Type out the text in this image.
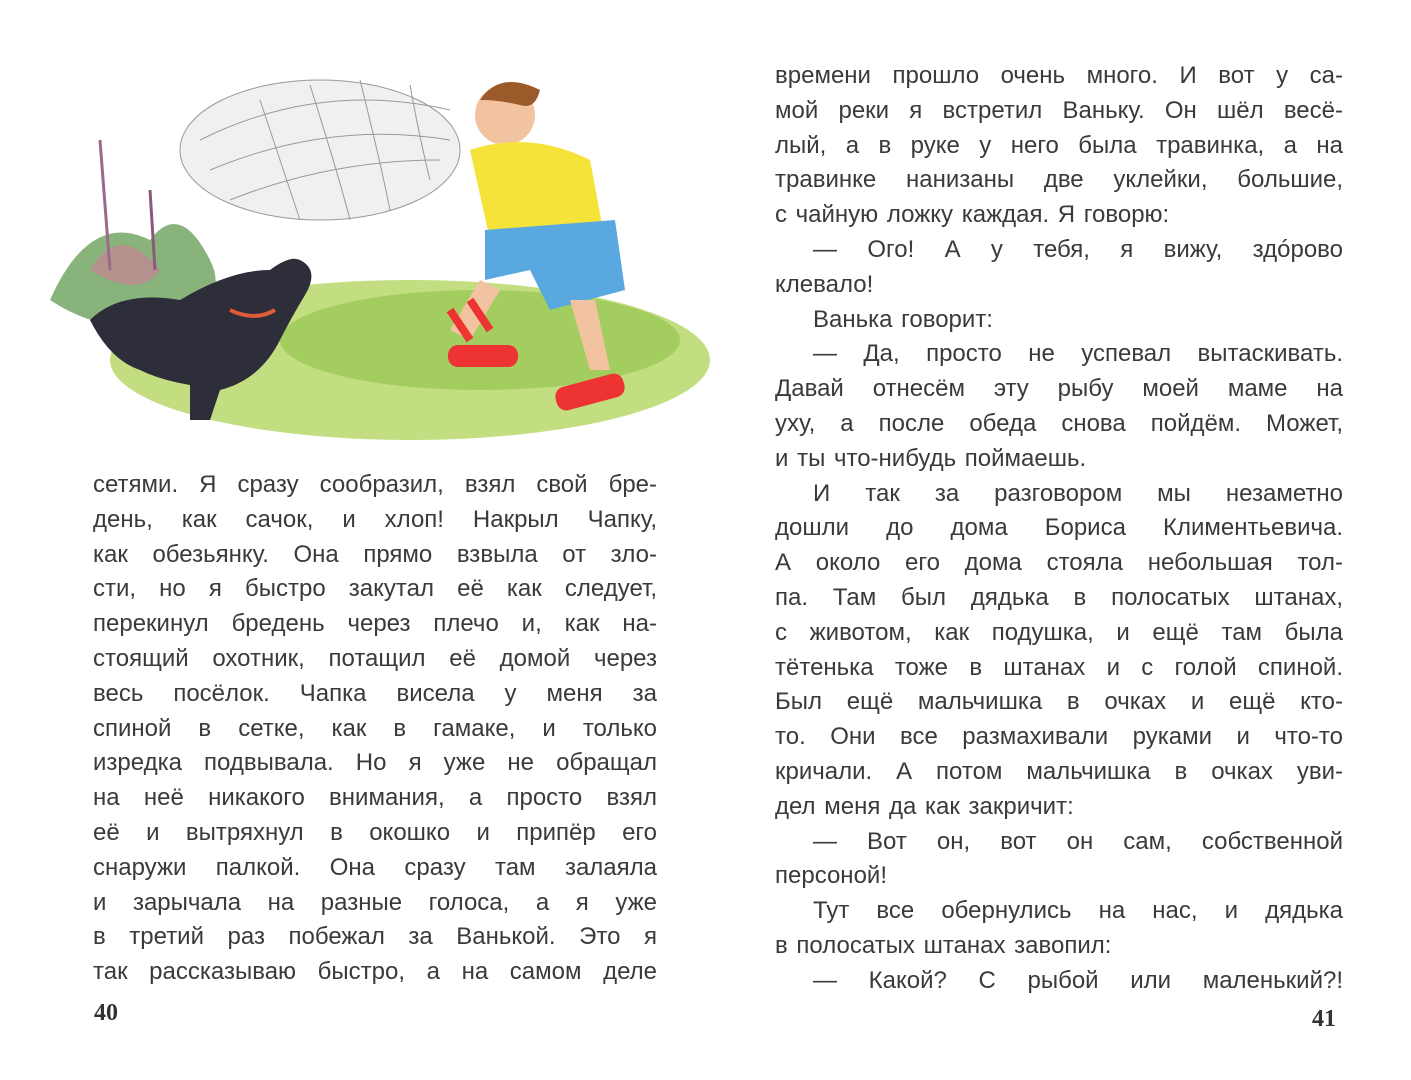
сетями. Я сразу сообразил, взял свой бре-
день, как сачок, и хлоп! Накрыл Чапку,
как обезьянку. Она прямо взвыла от зло-
сти, но я быстро закутал её как следует,
перекинул бредень через плечо и, как на-
стоящий охотник, потащил её домой через
весь посёлок. Чапка висела у меня за
спиной в сетке, как в гамаке, и только
изредка подвывала. Но я уже не обращал
на неё никакого внимания, а просто взял
её и вытряхнул в окошко и припёр его
снаружи палкой. Она сразу там залаяла
и зарычала на разные голоса, а я уже
в третий раз побежал за Ванькой. Это я
так рассказываю быстро, а на самом деле
40
времени прошло очень много. И вот у са-
мой реки я встретил Ваньку. Он шёл весё-
лый, а в руке у него была травинка, а на
травинке нанизаны две уклейки, большие,
с чайную ложку каждая. Я говорю:
— Ого! А у тебя, я вижу, здóрово
клевало!
Ванька говорит:
— Да, просто не успевал вытаскивать.
Давай отнесём эту рыбу моей маме на
уху, а после обеда снова пойдём. Может,
и ты что-нибудь поймаешь.
И так за разговором мы незаметно
дошли до дома Бориса Климентьевича.
А около его дома стояла небольшая тол-
па. Там был дядька в полосатых штанах,
с животом, как подушка, и ещё там была
тётенька тоже в штанах и с голой спиной.
Был ещё мальчишка в очках и ещё кто-
то. Они все размахивали руками и что-то
кричали. А потом мальчишка в очках уви-
дел меня да как закричит:
— Вот он, вот он сам, собственной
персоной!
Тут все обернулись на нас, и дядька
в полосатых штанах завопил:
— Какой? С рыбой или маленький?!
41
